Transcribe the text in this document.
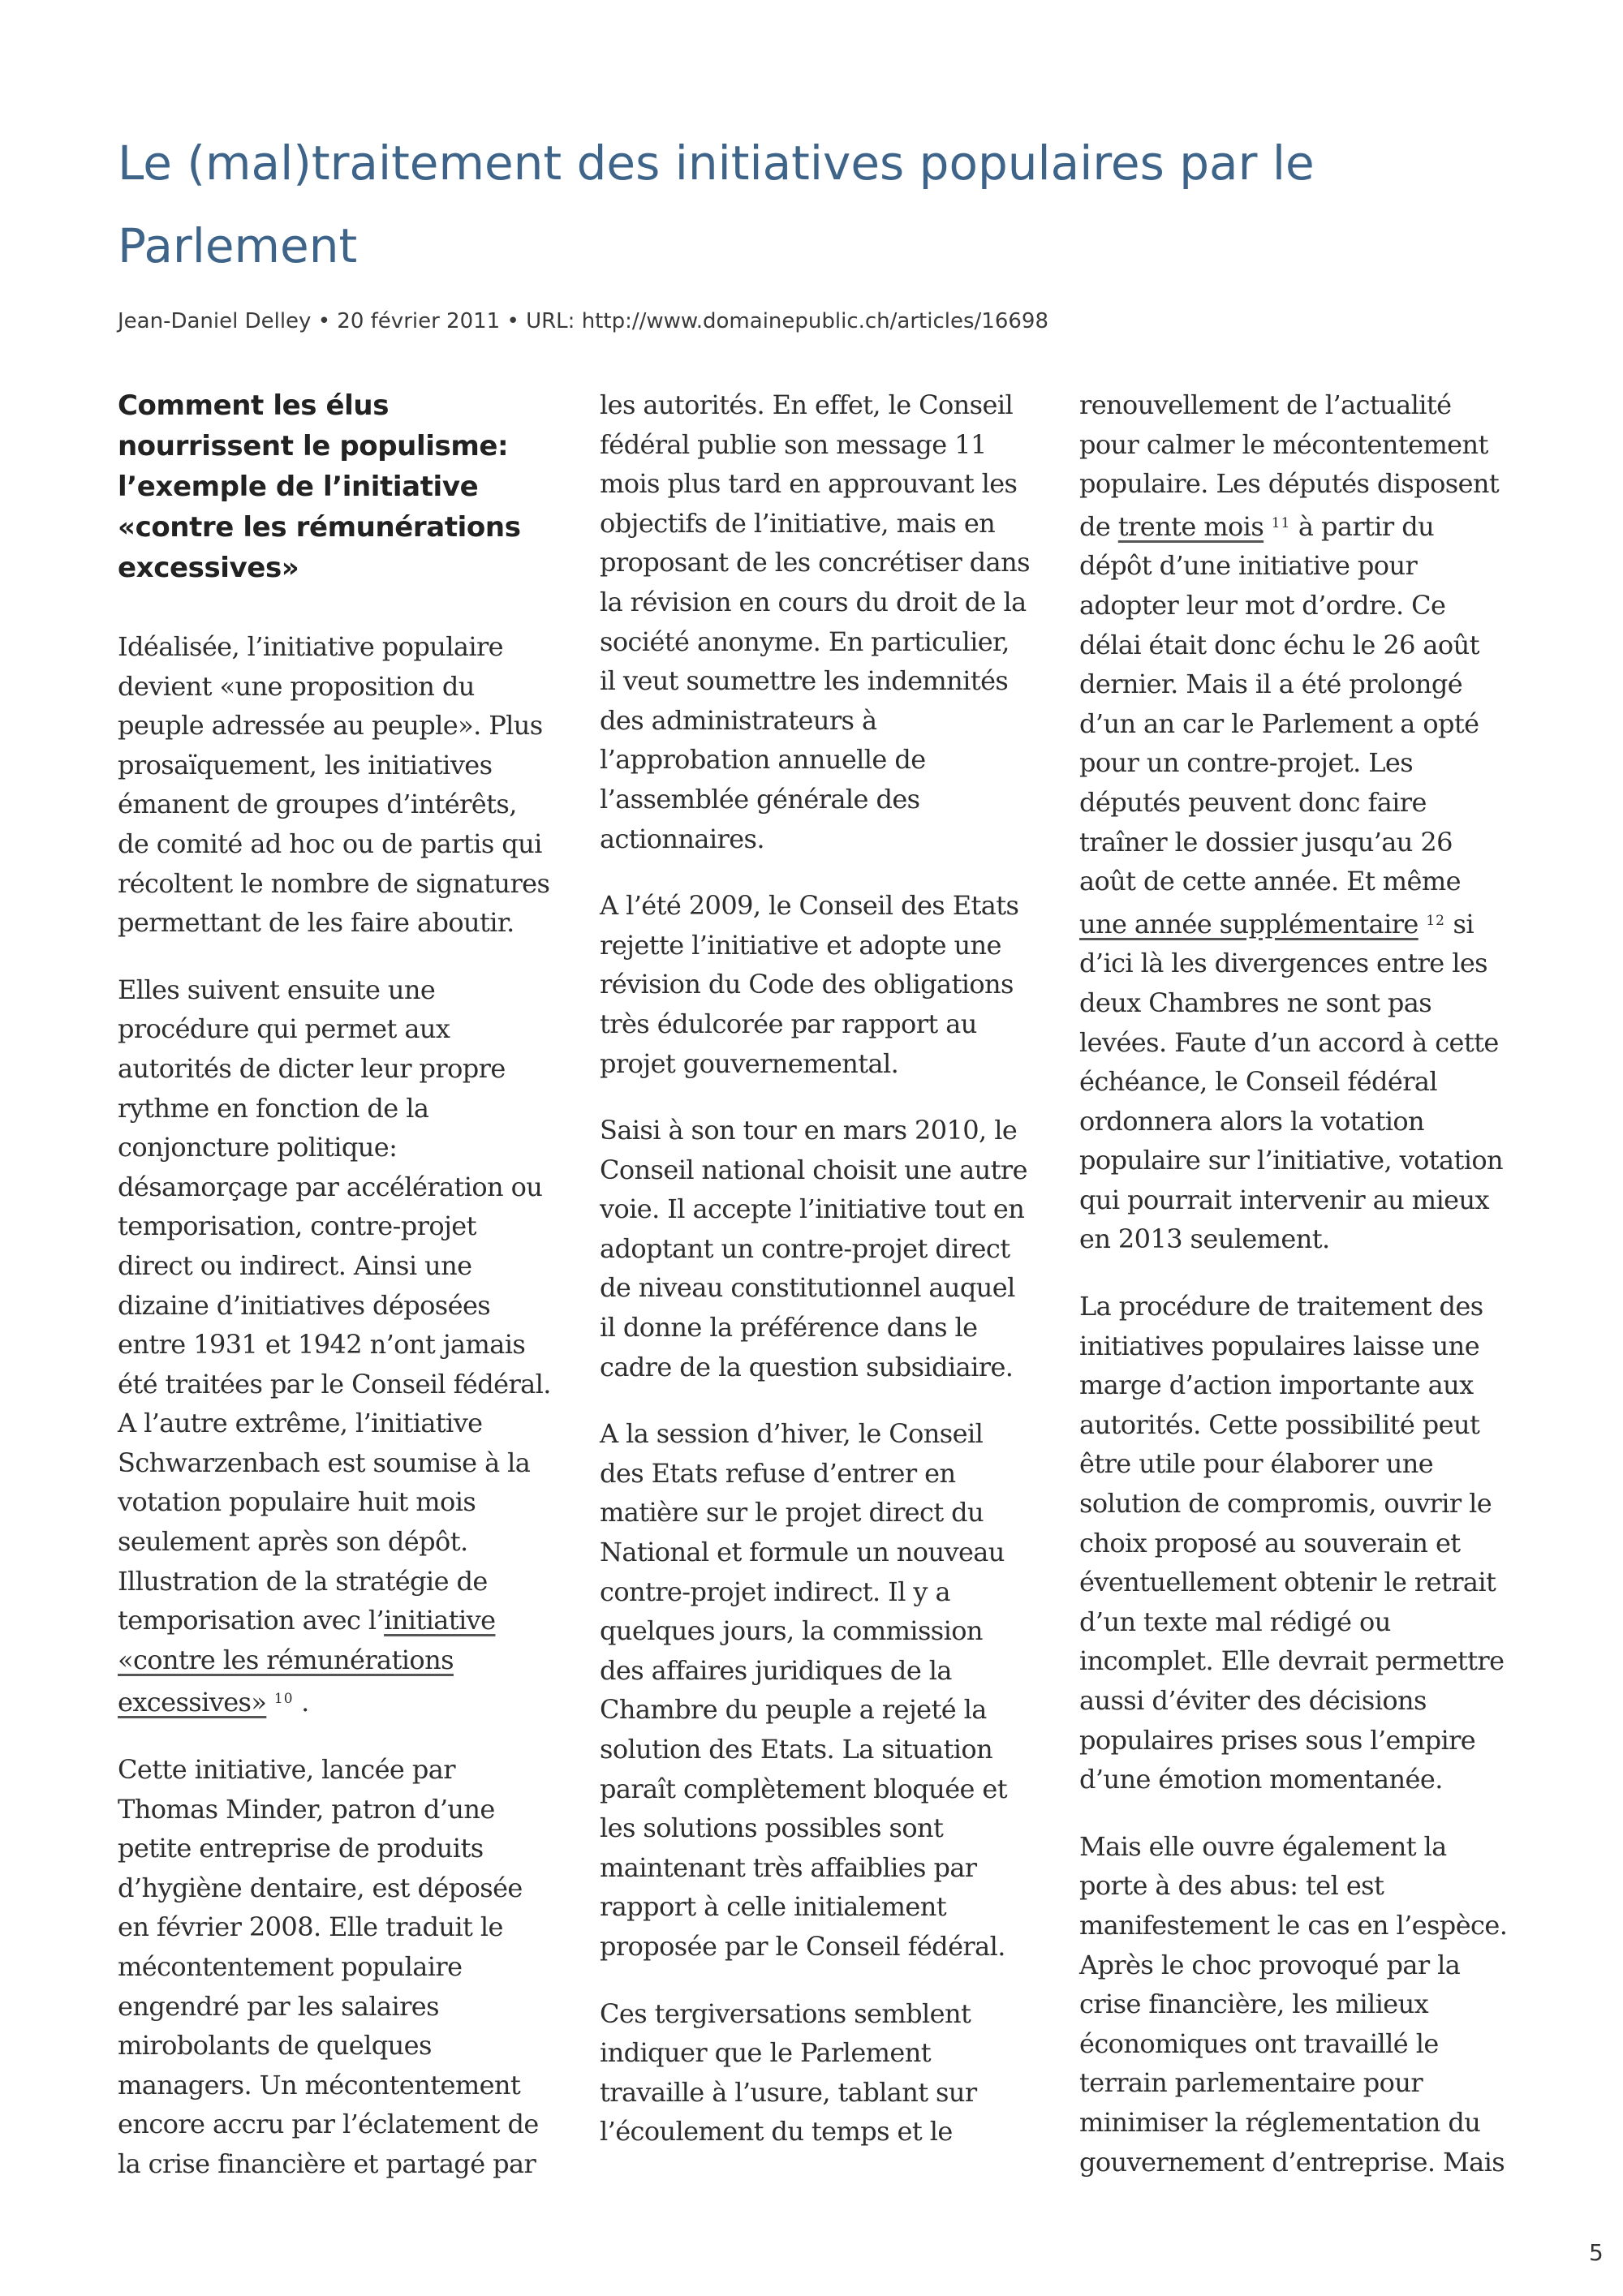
Le (mal)traitement des initiatives populaires par le Parlement
Jean-Daniel Delley • 20 février 2011 • URL: http://www.domainepublic.ch/articles/16698
Comment les élus
nourrissent le populisme:
l’exemple de l’initiative
«contre les rémunérations
excessives»

Idéalisée, l’initiative populaire
devient «une proposition du
peuple adressée au peuple». Plus
prosaïquement, les initiatives
émanent de groupes d’intérêts,
de comité ad hoc ou de partis qui
récoltent le nombre de signatures
permettant de les faire aboutir.

Elles suivent ensuite une
procédure qui permet aux
autorités de dicter leur propre
rythme en fonction de la
conjoncture politique:
désamorçage par accélération ou
temporisation, contre-projet
direct ou indirect. Ainsi une
dizaine d’initiatives déposées
entre 1931 et 1942 n’ont jamais
été traitées par le Conseil fédéral.
A l’autre extrême, l’initiative
Schwarzenbach est soumise à la
votation populaire huit mois
seulement après son dépôt.
Illustration de la stratégie de
temporisation avec l’initiative
«contre les rémunérations
excessives» $^{10}$ .

Cette initiative, lancée par
Thomas Minder, patron d’une
petite entreprise de produits
d’hygiène dentaire, est déposée
en février 2008. Elle traduit le
mécontentement populaire
engendré par les salaires
mirobolants de quelques
managers. Un mécontentement
encore accru par l’éclatement de
la crise financière et partagé par

les autorités. En effet, le Conseil
fédéral publie son message 11
mois plus tard en approuvant les
objectifs de l’initiative, mais en
proposant de les concrétiser dans
la révision en cours du droit de la
société anonyme. En particulier,
il veut soumettre les indemnités
des administrateurs à
l’approbation annuelle de
l’assemblée générale des
actionnaires.

A l’été 2009, le Conseil des Etats
rejette l’initiative et adopte une
révision du Code des obligations
très édulcorée par rapport au
projet gouvernemental.

Saisi à son tour en mars 2010, le
Conseil national choisit une autre
voie. Il accepte l’initiative tout en
adoptant un contre-projet direct
de niveau constitutionnel auquel
il donne la préférence dans le
cadre de la question subsidiaire.

A la session d’hiver, le Conseil
des Etats refuse d’entrer en
matière sur le projet direct du
National et formule un nouveau
contre-projet indirect. Il y a
quelques jours, la commission
des affaires juridiques de la
Chambre du peuple a rejeté la
solution des Etats. La situation
paraît complètement bloquée et
les solutions possibles sont
maintenant très affaiblies par
rapport à celle initialement
proposée par le Conseil fédéral.

Ces tergiversations semblent
indiquer que le Parlement
travaille à l’usure, tablant sur
l’écoulement du temps et le

renouvellement de l’actualité
pour calmer le mécontentement
populaire. Les députés disposent
de trente mois $^{11}$ à partir du
dépôt d’une initiative pour
adopter leur mot d’ordre. Ce
délai était donc échu le 26 août
dernier. Mais il a été prolongé
d’un an car le Parlement a opté
pour un contre-projet. Les
députés peuvent donc faire
traîner le dossier jusqu’au 26
août de cette année. Et même
une année supplémentaire $^{12}$ si
d’ici là les divergences entre les
deux Chambres ne sont pas
levées. Faute d’un accord à cette
échéance, le Conseil fédéral
ordonnera alors la votation
populaire sur l’initiative, votation
qui pourrait intervenir au mieux
en 2013 seulement.

La procédure de traitement des
initiatives populaires laisse une
marge d’action importante aux
autorités. Cette possibilité peut
être utile pour élaborer une
solution de compromis, ouvrir le
choix proposé au souverain et
éventuellement obtenir le retrait
d’un texte mal rédigé ou
incomplet. Elle devrait permettre
aussi d’éviter des décisions
populaires prises sous l’empire
d’une émotion momentanée.

Mais elle ouvre également la
porte à des abus: tel est
manifestement le cas en l’espèce.
Après le choc provoqué par la
crise financière, les milieux
économiques ont travaillé le
terrain parlementaire pour
minimiser la réglementation du
gouvernement d’entreprise. Mais

5
